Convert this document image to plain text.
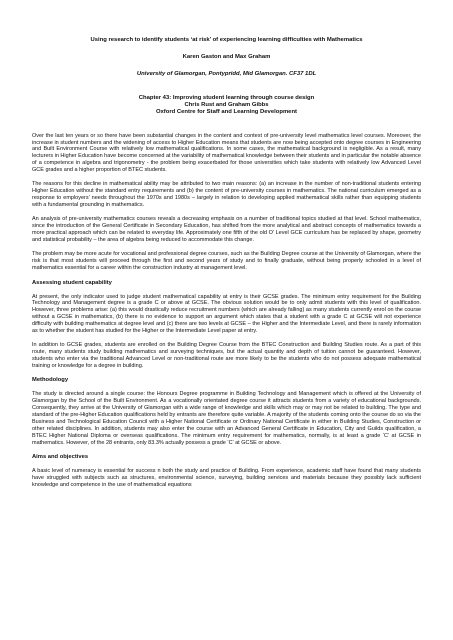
Using research to identify students ‘at risk’ of experiencing learning difficulties with Mathematics

Karen Gaston and Max Graham

University of Glamorgan, Pontypridd, Mid Glamorgan. CF37 1DL

Chapter 43: Improving student learning through course design
Chris Rust and Graham Gibbs
Oxford Centre for Staff and Learning Development

Over the last ten years or so there have been substantial changes in the content and context of pre-university level mathematics level courses. Moreover, the increase in student numbers and the widening of access to Higher Education means that students are now being accepted onto degree courses in Engineering and Built Environment Course with relatively low mathematical qualifications. In some cases, the mathematical background is negligible. As a result, many lecturers in Higher Education have become concerned at the variability of mathematical knowledge between their students and in particular the notable absence of a competence in algebra and trigonometry - the problem being exacerbated for those universities which take students with relatively low Advanced Level GCE grades and a higher proportion of BTEC students.

The reasons for this decline in mathematical ability may be attributed to two main reasons: (a) an increase in the number of non-traditional students entering Higher Education without the standard entry requirements and (b) the content of pre-university courses in mathematics. The national curriculum emerged as a response to employers’ needs throughout the 1970s and 1980s – largely in relation to developing applied mathematical skills rather than equipping students with a fundamental grounding in mathematics.

An analysis of pre-university mathematics courses reveals a decreasing emphasis on a number of traditional topics studied at that level. School mathematics, since the introduction of the General Certificate in Secondary Education, has shifted from the more analytical and abstract concepts of mathematics towards a more practical approach which can be related to everyday life. Approximately one fifth of the old O’ Level GCE curriculum has be replaced by shape, geometry and statistical probability – the area of algebra being reduced to accommodate this change.

The problem may be more acute for vocational and professional degree courses, such as the Building Degree course at the University of Glamorgan, where the risk is that most students will proceed through the first and second years of study and to finally graduate, without being properly schooled in a level of mathematics essential for a career within the construction industry at management level.

Assessing student capability

At present, the only indicator used to judge student mathematical capability at entry is their GCSE grades. The minimum entry requirement for the Building Technology and Management degree is a grade C or above at GCSE. The obvious solution would be to only admit students with this level of qualification. However, three problems arise: (a) this would drastically reduce recruitment numbers (which are already falling) as many students currently enrol on the course without a GCSE in mathematics, (b) there is no evidence to support an argument which states that a student with a grade C at GCSE will not experience difficulty with building mathematics at degree level and (c) there are two levels at GCSE – the Higher and the Intermediate Level, and there is rarely information as to whether the student has studied for the Higher or the Intermediate Level paper at entry.

In addition to GCSE grades, students are enrolled on the Building Degree Course from the BTEC Construction and Building Studies route. As a part of this route, many students study building mathematics and surveying techniques, but the actual quantity and depth of tuition cannot be guaranteed. However, students who enter via the traditional Advanced Level or non-traditional route are more likely to be the students who do not possess adequate mathematical training or knowledge for a degree in building.

Methodology

The study is directed around a single course: the Honours Degree programme in Building Technology and Management which is offered at the University of Glamorgan by the School of the Built Environment. As a vocationally orientated degree course it attracts students from a variety of educational backgrounds. Consequently, they arrive at the University of Glamorgan with a wide range of knowledge and skills which may or may not be related to building. The type and standard of the pre-Higher Education qualifications held by entrants are therefore quite variable. A majority of the students coming onto the course do so via the Business and Technological Education Council with a Higher National Certificate or Ordinary National Certificate in either in Building Studies, Construction or other related disciplines. In addition, students may also enter the course with an Advanced General Certificate in Education, City and Guilds qualification, a BTEC Higher National Diploma or overseas qualifications. The minimum entry requirement for mathematics, normally, is at least a grade ‘C’ at GCSE in mathematics. However, of the 28 entrants, only 83.3% actually possess a grade ‘C’ at GCSE or above.

Aims and objectives

A basic level of numeracy is essential for success n both the study and practice of Building. From experience, academic staff have found that many students have struggled with subjects such as structures, environmental science, surveying, building services and materials because they possibly lack sufficient knowledge and competence in the use of mathematical equations
